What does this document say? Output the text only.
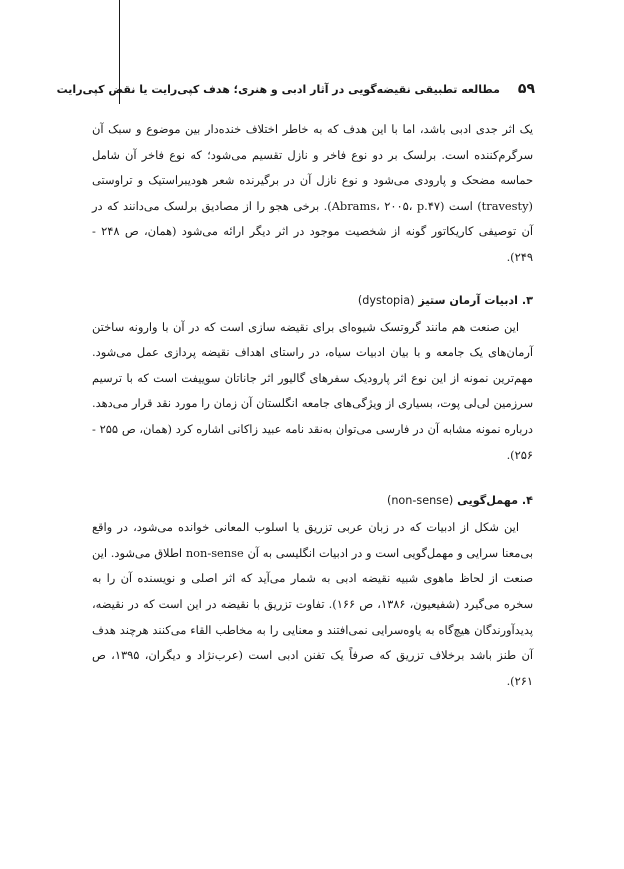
۵۹
مطالعه تطبیقی نقیضه‌گویی در آثار ادبی و هنری؛ هدف کپی‌رایت یا نقض کپی‌رایت

یک اثر جدی ادبی باشد، اما با این هدف که به خاطر اختلاف خنده‌دار بین موضوع و سبک آن سرگرم‌کننده است. برلسک بر دو نوع فاخر و نازل تقسیم می‌شود؛ که نوع فاخر آن شامل حماسه مضحک و پارودی می‌شود و نوع نازل آن در برگیرنده شعر هودیبراستیک و تراوستی (travesty) است (Abrams، ۲۰۰۵، p.۴۷). برخی هجو را از مصادیق برلسک می‌دانند که در آن توصیفی کاریکاتور گونه از شخصیت موجود در اثر دیگر ارائه می‌شود (همان، ص ۲۴۸ - ۲۴۹).

۳. ادبیات آرمان ستیز (dystopia)

این صنعت هم مانند گروتسک شیوه‌ای برای نقیضه سازی است که در آن با وارونه ساختن آرمان‌های یک جامعه و با بیان ادبیات سیاه، در راستای اهداف نقیضه پردازی عمل می‌شود. مهم‌ترین نمونه از این نوع اثر پارودیک سفرهای گالیور اثر جاناتان سوییفت است که با ترسیم سرزمین لی‌لی پوت، بسیاری از ویژگی‌های جامعه انگلستان آن زمان را مورد نقد قرار می‌دهد. درباره نمونه مشابه آن در فارسی می‌توان به‌نقد نامه عبید زاکانی اشاره کرد (همان، ص ۲۵۵ - ۲۵۶).

۴. مهمل‌گویی (non-sense)

این شکل از ادبیات که در زبان عربی تزریق یا اسلوب المعانی خوانده می‌شود، در واقع بی‌معنا سرایی و مهمل‌گویی است و در ادبیات انگلیسی به آن non-sense اطلاق می‌شود. این صنعت از لحاظ ماهوی شبیه نقیضه ادبی به شمار می‌آید که اثر اصلی و نویسنده آن را به سخره می‌گیرد (شفیعیون، ۱۳۸۶، ص ۱۶۶). تفاوت تزریق با نقیضه در این است که در نقیضه، پدیدآورندگان هیچ‌گاه به یاوه‌سرایی نمی‌افتند و معنایی را به مخاطب القاء می‌کنند هرچند هدف آن طنز باشد برخلاف تزریق که صرفاً یک تفنن ادبی است (عرب‌نژاد و دیگران، ۱۳۹۵، ص ۲۶۱).
